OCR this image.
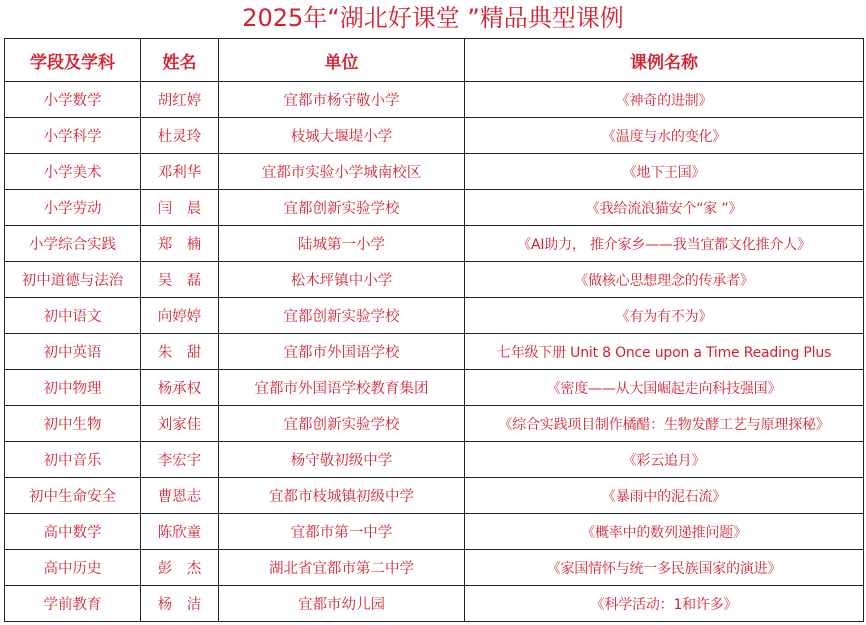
2025年“湖北好课堂 ”精品典型课例
学段及学科	姓名	单位	课例名称
小学数学	胡红婷	宜都市杨守敬小学	《神奇的进制》
小学科学	杜灵玲	枝城大堰堤小学	《温度与水的变化》
小学美术	邓利华	宜都市实验小学城南校区	《地下王国》
小学劳动	闫　晨	宜都创新实验学校	《我给流浪猫安个“家 ”》
小学综合实践	郑　楠	陆城第一小学	《AI助力， 推介家乡——我当宜都文化推介人》
初中道德与法治	吴　磊	松木坪镇中小学	《做核心思想理念的传承者》
初中语文	向婷婷	宜都创新实验学校	《有为有不为》
初中英语	朱　甜	宜都市外国语学校	七年级下册 Unit 8 Once upon a Time Reading Plus
初中物理	杨承权	宜都市外国语学校教育集团	《密度——从大国崛起走向科技强国》
初中生物	刘家佳	宜都创新实验学校	《综合实践项目制作橘醋：生物发酵工艺与原理探秘》
初中音乐	李宏宇	杨守敬初级中学	《彩云追月》
初中生命安全	曹恩志	宜都市枝城镇初级中学	《暴雨中的泥石流》
高中数学	陈欣童	宜都市第一中学	《概率中的数列递推问题》
高中历史	彭　杰	湖北省宜都市第二中学	《家国情怀与统一多民族国家的演进》
学前教育	杨　洁	宜都市幼儿园	《科学活动：1和许多》
